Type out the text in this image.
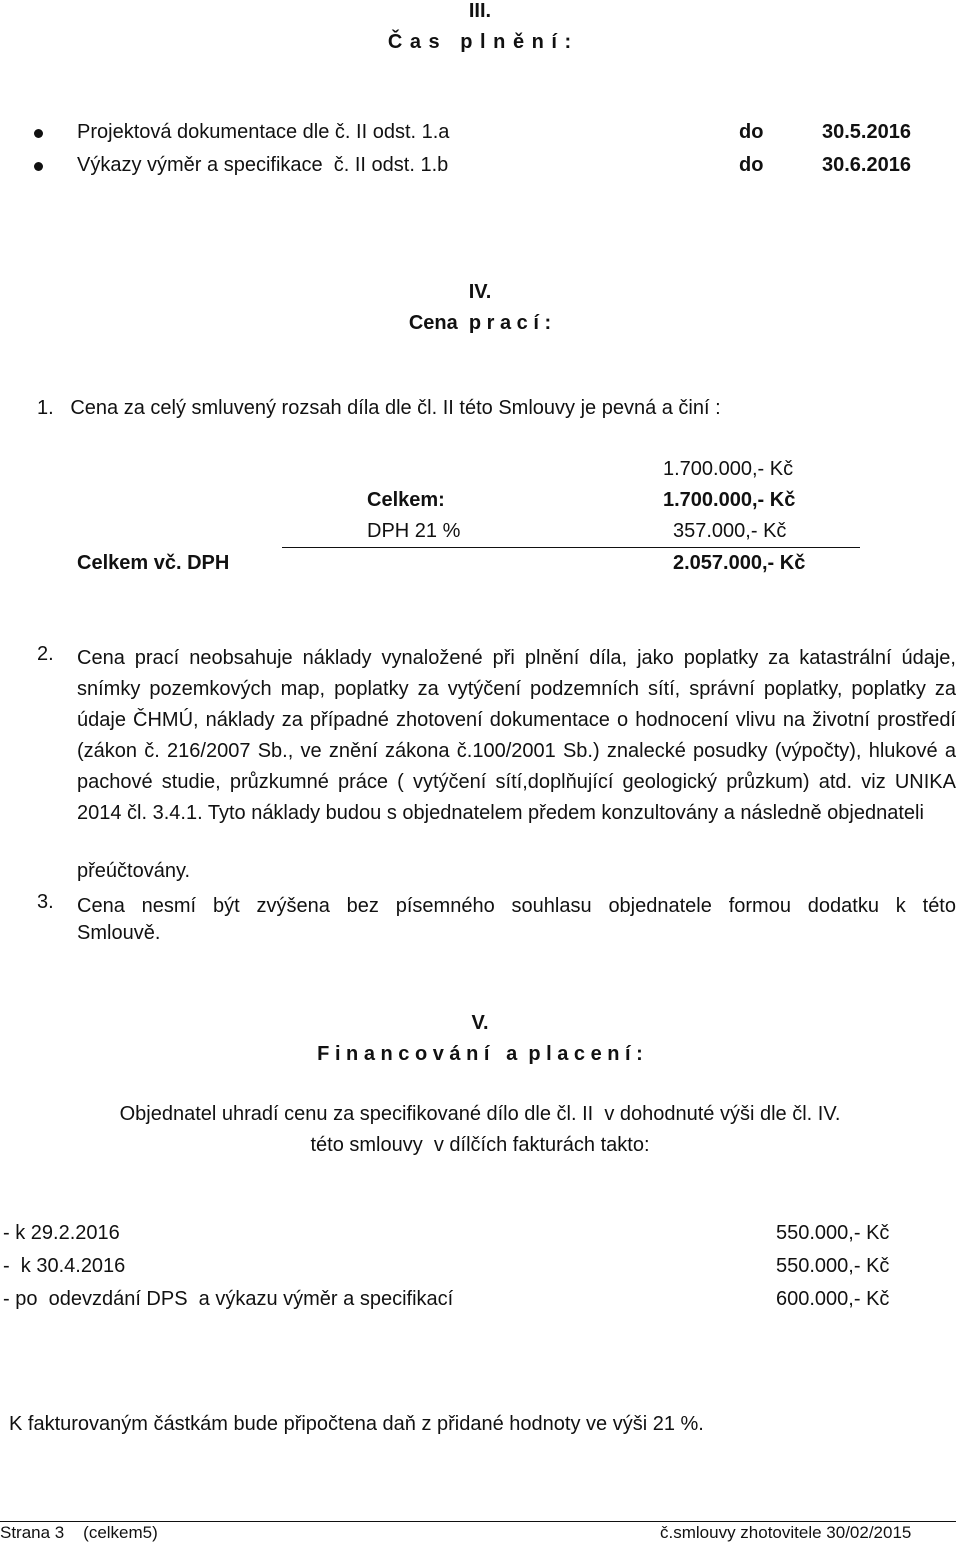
III.
Č a s   p l n ě n í :
Projektová dokumentace dle č. II odst. 1.a	do	30.5.2016
Výkazy výměr a specifikace  č. II odst. 1.b	do	30.6.2016
IV.
Cena  p r a c í :
1.   Cena za celý smluvený rozsah díla dle čl. II této Smlouvy je pevná a činí :
1.700.000,- Kč
Celkem:	1.700.000,- Kč
DPH 21 %	357.000,- Kč
Celkem vč. DPH	2.057.000,- Kč
2. Cena prací neobsahuje náklady vynaložené při plnění díla, jako poplatky za katastrální údaje, snímky pozemkových map, poplatky za vytýčení podzemních sítí, správní poplatky, poplatky za údaje ČHMÚ, náklady za případné zhotovení dokumentace o hodnocení vlivu na životní prostředí (zákon č. 216/2007 Sb., ve znění zákona č.100/2001 Sb.) znalecké posudky (výpočty), hlukové a pachové studie, průzkumné práce ( vytýčení sítí,doplňující geologický průzkum) atd. viz UNIKA 2014 čl. 3.4.1. Tyto náklady budou s objednatelem předem konzultovány a následně objednateli
přeúčtovány.
3. Cena nesmí být zvýšena bez písemného souhlasu objednatele formou dodatku k této
Smlouvě.
V.
F i n a n c o v á n í   a  p l a c e n í :
Objednatel uhradí cenu za specifikované dílo dle čl. II  v dohodnuté výši dle čl. IV.
této smlouvy  v dílčích fakturách takto:
- k 29.2.2016	550.000,- Kč
-  k 30.4.2016	550.000,- Kč
- po  odevzdání DPS  a výkazu výměr a specifikací	600.000,- Kč
K fakturovaným částkám bude připočtena daň z přidané hodnoty ve výši 21 %.
Strana 3    (celkem5)	č.smlouvy zhotovitele 30/02/2015
